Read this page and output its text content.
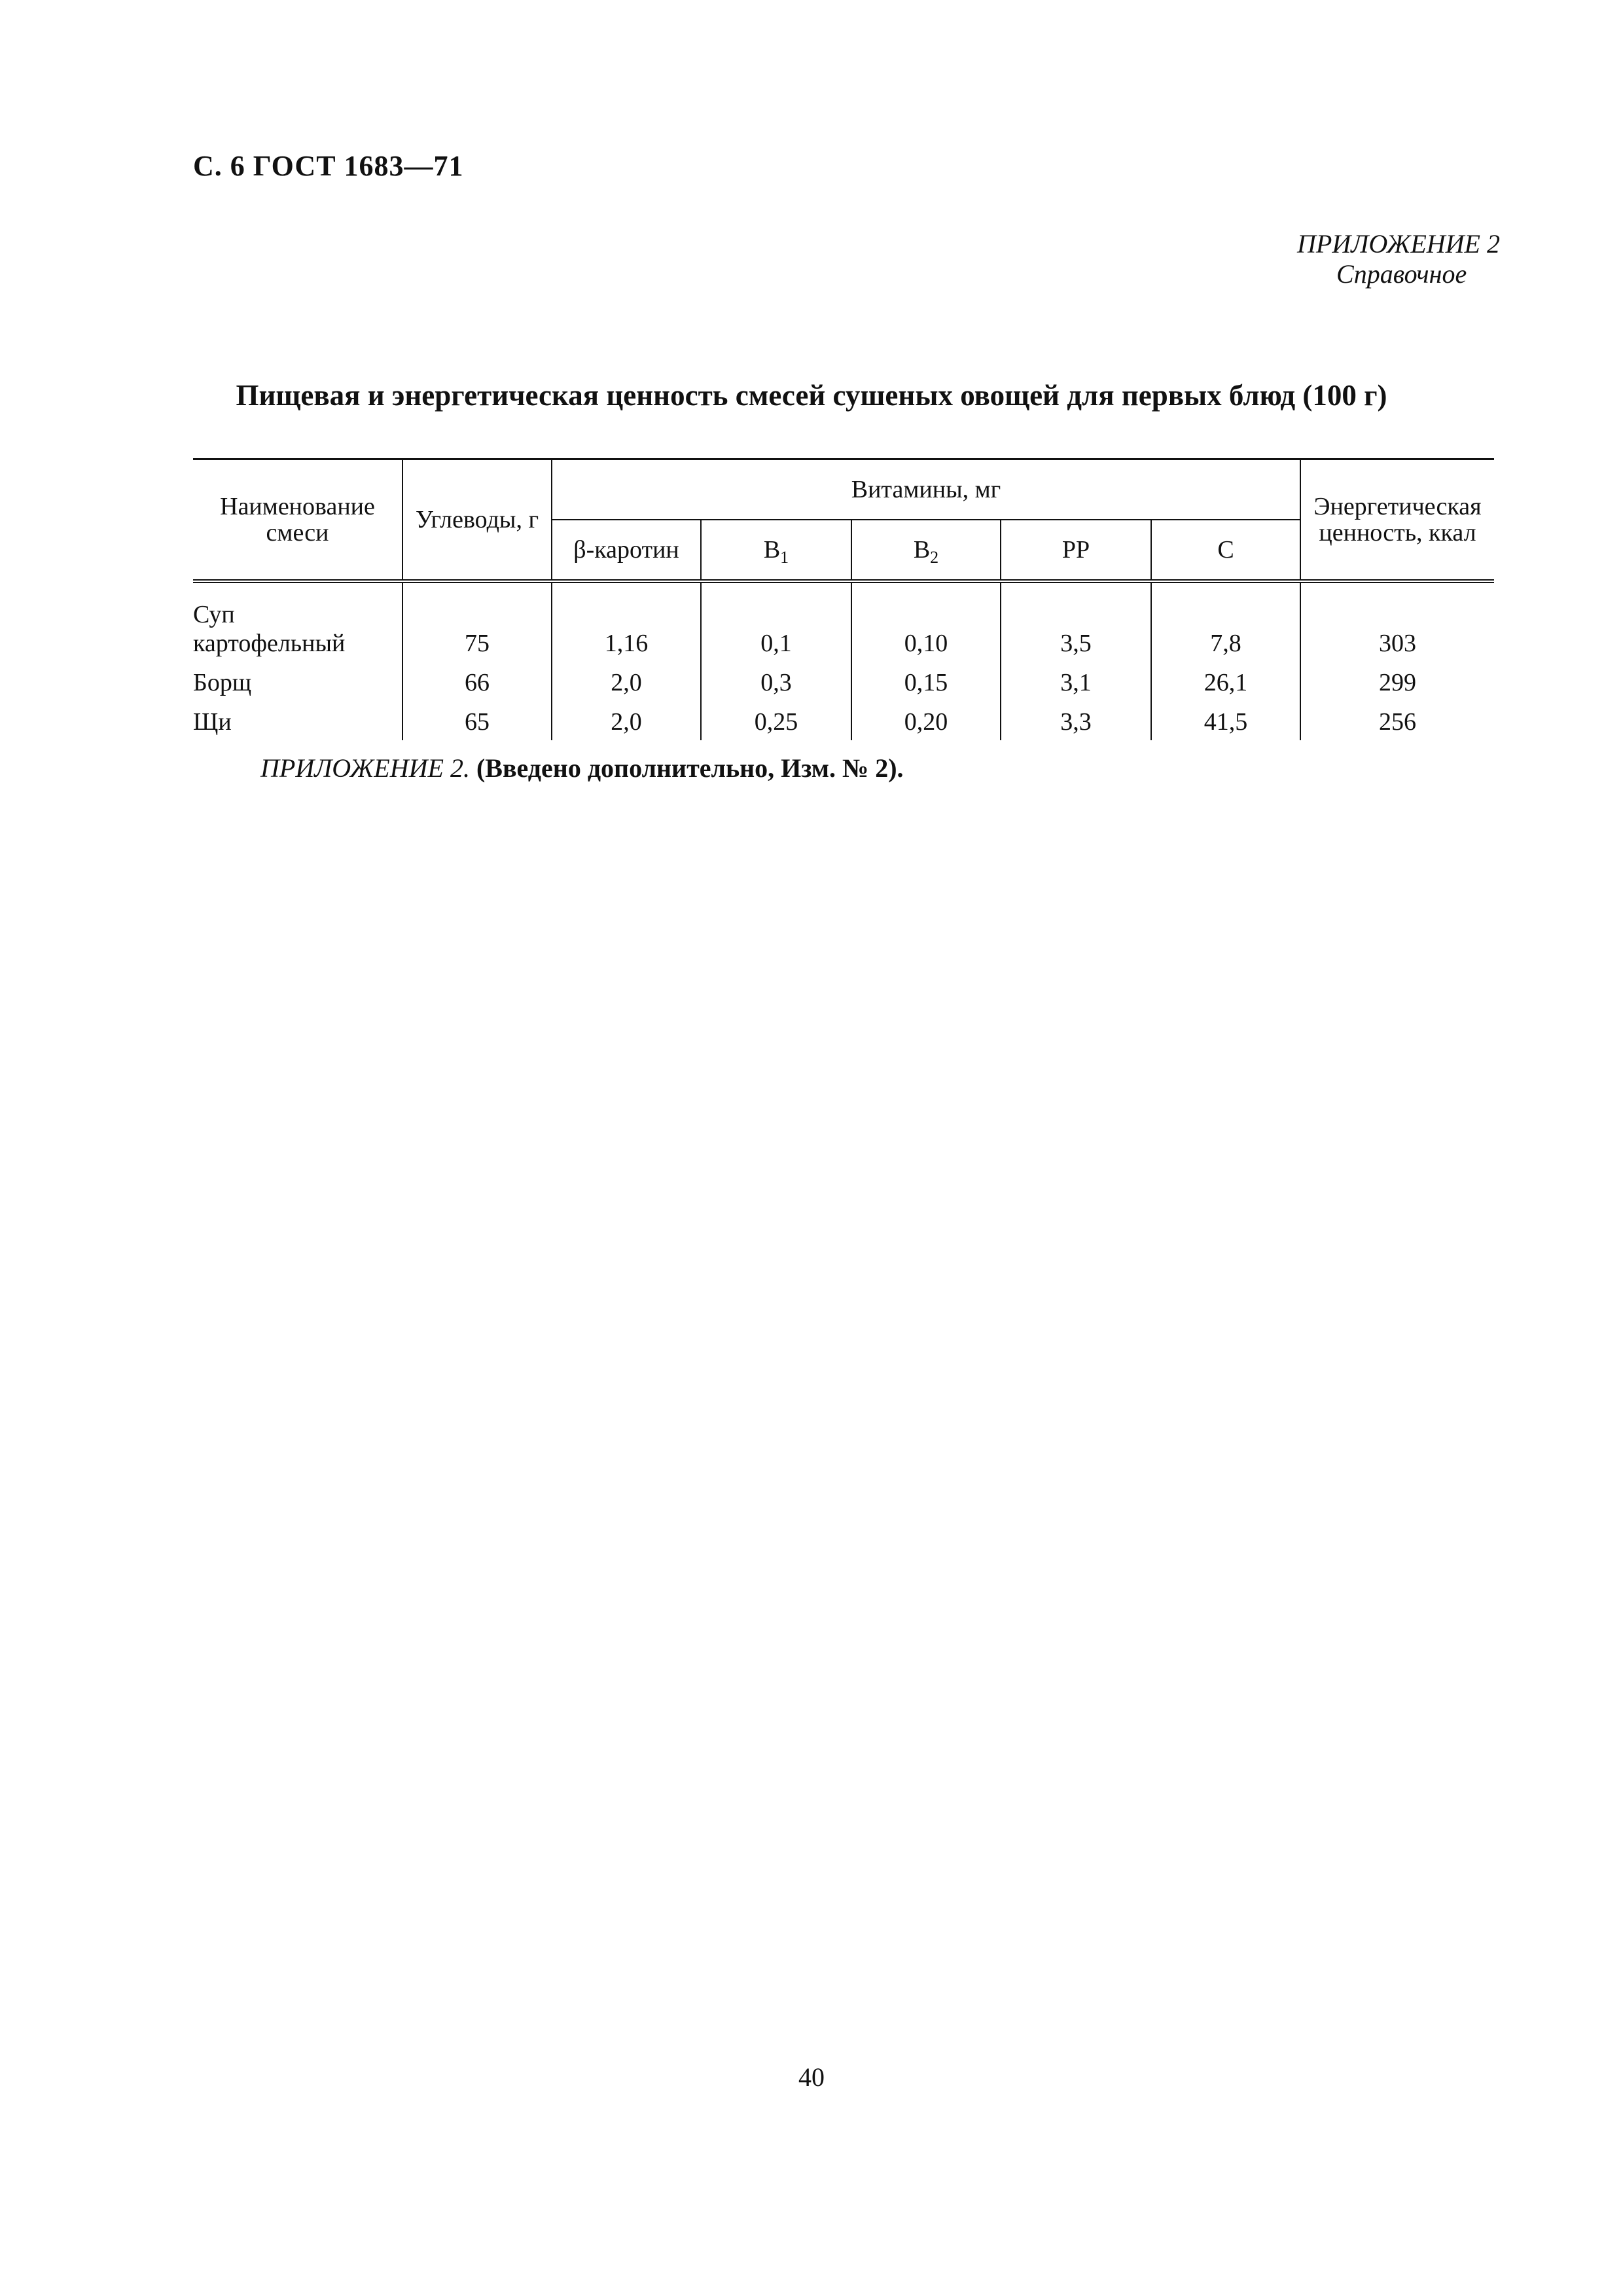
С. 6 ГОСТ 1683—71
ПРИЛОЖЕНИЕ 2
Справочное
Пищевая и энергетическая ценность смесей сушеных овощей для первых блюд (100 г)
Наименование смеси	Углеводы, г	Витамины, мг					Энергетическая ценность, ккал
		β-каротин	$B_1$	$B_2$	PP	C	
Суп
картофельный	75	1,16	0,1	0,10	3,5	7,8	303
Борщ	66	2,0	0,3	0,15	3,1	26,1	299
Щи	65	2,0	0,25	0,20	3,3	41,5	256
ПРИЛОЖЕНИЕ 2. (Введено дополнительно, Изм. № 2).
40
